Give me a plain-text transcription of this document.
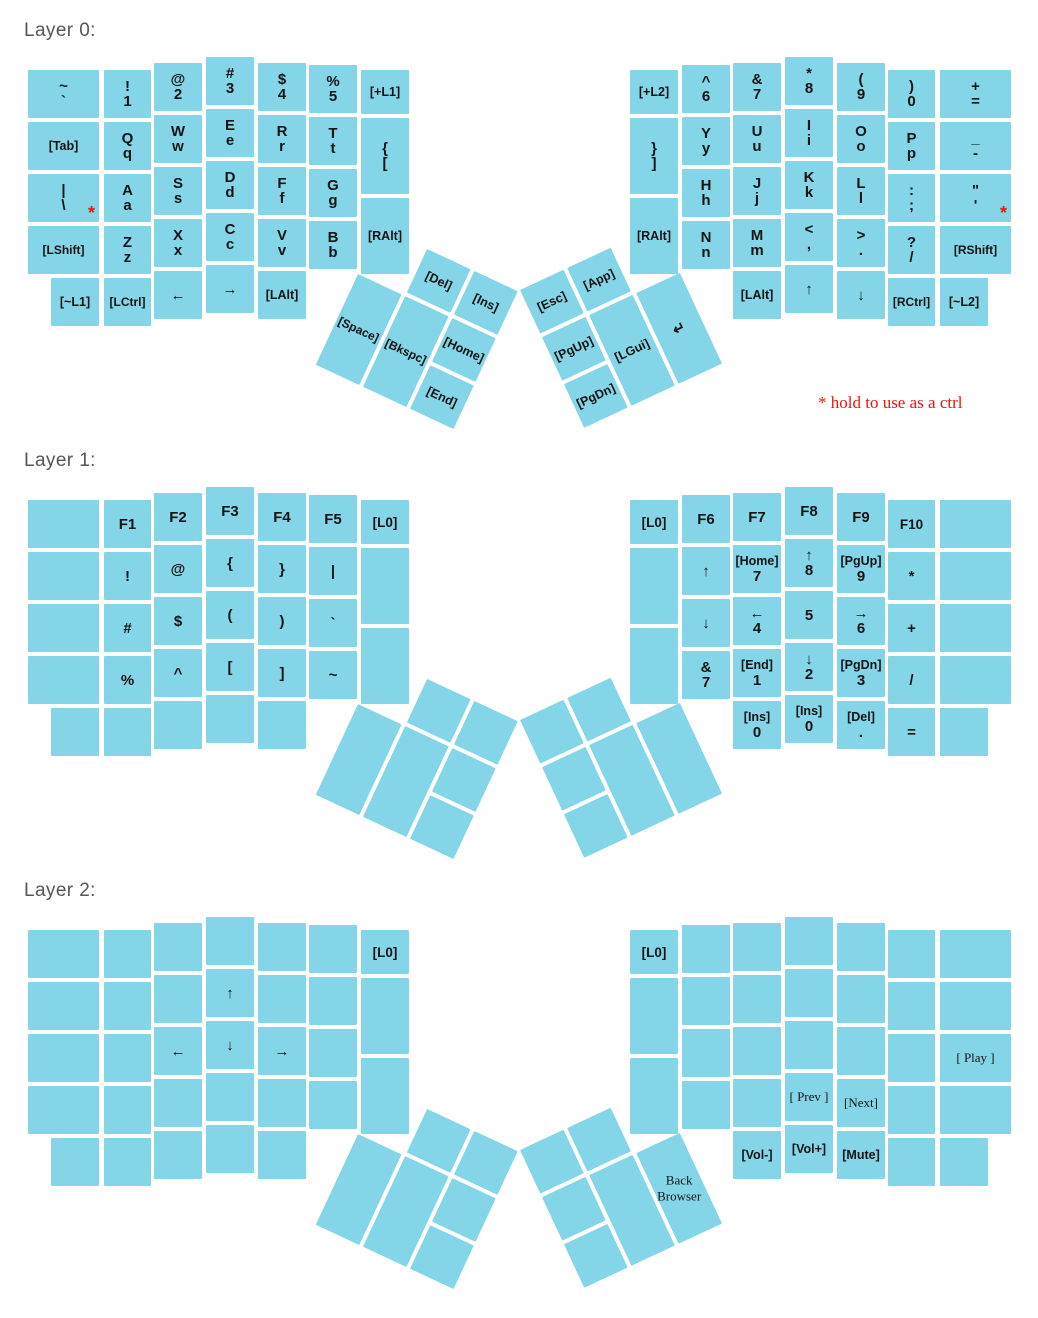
Layer 0:
Layer 1:
Layer 2:
~
`
[Tab]
|
\ *
[LShift]
[~L1]
!
1
Q
q
A
a
Z
z
[LCtrl]
@
2
W
w
S
s
X
x
←
#
3
E
e
D
d
C
c
→
$
4
R
r
F
f
V
v
[LAlt]
%
5
T
t
G
g
B
b
[+L1]
{
[
[RAlt]
[+L2]
}
]
[RAlt]
^
6
Y
y
H
h
N
n
&
7
U
u
J
j
M
m
[LAlt]
*
8
I
i
K
k
<
,
↑
(
9
O
o
L
l
>
.
↓
)
0
P
p
:
;
?
/
[RCtrl]
+
=
_
-
"
' *
[RShift]
[~L2]
[Del]
[Ins]
[Space]
[Bkspc] [Home]
[End]
[Esc]
[App]
[PgUp] [LGui]
↵
[PgDn]
F1
!
#
%
F2
@
$
^
F3
{
(
[
F4
}
)
]
F5
|
`
~
[L0]	[L0] F6
↑
↓
&
7
F7
[Home]
7
←
4
[End]
1
[Ins]
0
F8
↑
8
5
↓
2
[Ins]
0
F9
[PgUp]
9
→
6
[PgDn]
3
[Del]
.
F10
*
+
/
=
←
↑
↓	→
[L0]	[L0]
[Vol-]
[ Prev ]
[Vol+]
[Next]
[Mute]
[ Play ]
Back
Browser
* hold to use as a ctrl
